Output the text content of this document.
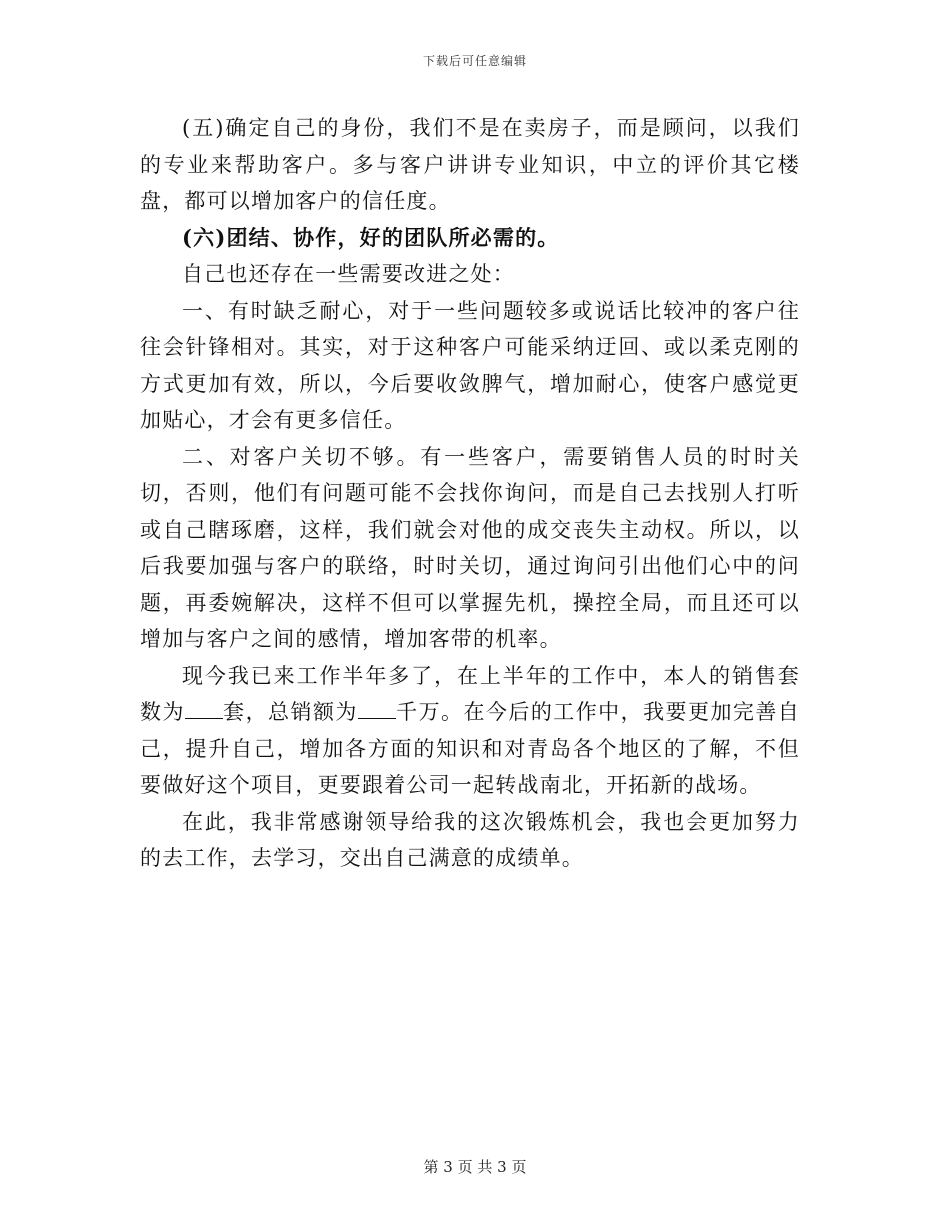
下载后可任意编辑

(五)确定自己的身份，我们不是在卖房子，而是顾问，以我们的专业来帮助客户。多与客户讲讲专业知识，中立的评价其它楼盘，都可以增加客户的信任度。

(六)团结、协作，好的团队所必需的。

自己也还存在一些需要改进之处：

一、有时缺乏耐心，对于一些问题较多或说话比较冲的客户往往会针锋相对。其实，对于这种客户可能采纳迂回、或以柔克刚的方式更加有效，所以，今后要收敛脾气，增加耐心，使客户感觉更加贴心，才会有更多信任。

二、对客户关切不够。有一些客户，需要销售人员的时时关切，否则，他们有问题可能不会找你询问，而是自己去找别人打听或自己瞎琢磨，这样，我们就会对他的成交丧失主动权。所以，以后我要加强与客户的联络，时时关切，通过询问引出他们心中的问题，再委婉解决，这样不但可以掌握先机，操控全局，而且还可以增加与客户之间的感情，增加客带的机率。

现今我已来工作半年多了，在上半年的工作中，本人的销售套数为 套，总销额为 千万。在今后的工作中，我要更加完善自己，提升自己，增加各方面的知识和对青岛各个地区的了解，不但要做好这个项目，更要跟着公司一起转战南北，开拓新的战场。

在此，我非常感谢领导给我的这次锻炼机会，我也会更加努力的去工作，去学习，交出自己满意的成绩单。

第 3 页 共 3 页
